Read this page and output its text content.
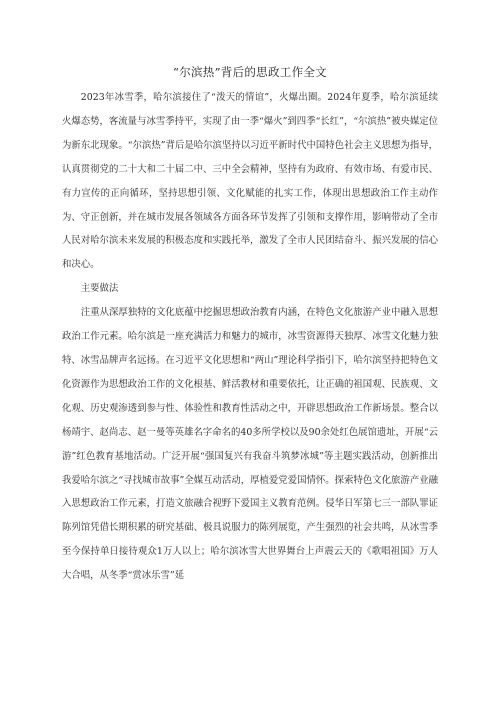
“尔滨热”背后的思政工作全文

2023年冰雪季，哈尔滨接住了“泼天的情谊”，火爆出圈。2024年夏季，哈尔滨延续火爆态势，客流量与冰雪季持平，实现了由一季“爆火”到四季“长红”，“尔滨热”被央媒定位为新东北现象。“尔滨热”背后是哈尔滨坚持以习近平新时代中国特色社会主义思想为指导，认真贯彻党的二十大和二十届二中、三中全会精神，坚持有为政府、有效市场、有爱市民、有力宣传的正向循环，坚持思想引领、文化赋能的扎实工作，体现出思想政治工作主动作为、守正创新，并在城市发展各领域各方面各环节发挥了引领和支撑作用，影响带动了全市人民对哈尔滨未来发展的积极态度和实践托举，激发了全市人民团结奋斗、振兴发展的信心和决心。

主要做法

注重从深厚独特的文化底蕴中挖掘思想政治教育内涵，在特色文化旅游产业中融入思想政治工作元素。哈尔滨是一座充满活力和魅力的城市，冰雪资源得天独厚、冰雪文化魅力独特、冰雪品牌声名远扬。在习近平文化思想和“两山”理论科学指引下，哈尔滨坚持把特色文化资源作为思想政治工作的文化根基、鲜活教材和重要依托，让正确的祖国观、民族观、文化观、历史观渗透到参与性、体验性和教育性活动之中，开辟思想政治工作新场景。整合以杨靖宇、赵尚志、赵一曼等英雄名字命名的40多所学校以及90余处红色展馆遗址，开展“云游”红色教育基地活动。广泛开展“强国复兴有我奋斗筑梦冰城”等主题实践活动，创新推出我爱哈尔滨之“寻找城市故事”全媒互动活动，厚植爱党爱国情怀。探索特色文化旅游产业融入思想政治工作元素，打造文旅融合视野下爱国主义教育范例。侵华日军第七三一部队罪证陈列馆凭借长期积累的研究基础、极具说服力的陈列展览，产生强烈的社会共鸣，从冰雪季至今保持单日接待观众1万人以上；哈尔滨冰雪大世界舞台上声震云天的《歌唱祖国》万人大合唱，从冬季“赏冰乐雪”延
